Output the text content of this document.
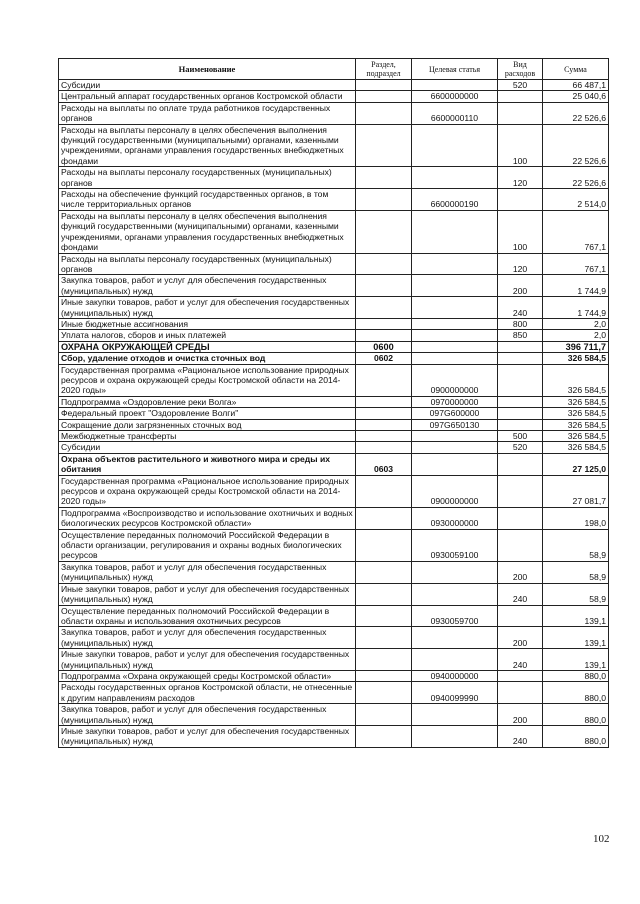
Наименование	Раздел, подраздел	Целевая статья	Вид расходов	Сумма
Субсидии			520	66 487,1
Центральный аппарат государственных органов Костромской области		6600000000		25 040,6
Расходы на выплаты по оплате труда работников государственных органов		6600000110		22 526,6
Расходы на выплаты персоналу в целях обеспечения выполнения функций государственными (муниципальными) органами, казенными учреждениями, органами управления государственных внебюджетных фондами			100	22 526,6
Расходы на выплаты персоналу государственных (муниципальных) органов			120	22 526,6
Расходы на обеспечение функций государственных органов, в том числе территориальных органов		6600000190		2 514,0
Расходы на выплаты персоналу в целях обеспечения выполнения функций государственными (муниципальными) органами, казенными учреждениями, органами управления государственных внебюджетных фондами			100	767,1
Расходы на выплаты персоналу государственных (муниципальных) органов			120	767,1
Закупка товаров, работ и услуг для обеспечения государственных (муниципальных) нужд			200	1 744,9
Иные закупки товаров, работ и услуг для обеспечения государственных (муниципальных) нужд			240	1 744,9
Иные бюджетные ассигнования			800	2,0
Уплата налогов, сборов и иных платежей			850	2,0
ОХРАНА ОКРУЖАЮЩЕЙ СРЕДЫ	0600			396 711,7
Сбор, удаление отходов и очистка сточных вод	0602			326 584,5
Государственная программа «Рациональное использование природных ресурсов и охрана окружающей среды Костромской области на 2014-2020 годы»		0900000000		326 584,5
Подпрограмма «Оздоровление реки Волга»		0970000000		326 584,5
Федеральный проект "Оздоровление Волги"		097G600000		326 584,5
Сокращение доли загрязненных сточных вод		097G650130		326 584,5
Межбюджетные трансферты			500	326 584,5
Субсидии			520	326 584,5
Охрана объектов растительного и животного мира и среды их обитания	0603			27 125,0
Государственная программа «Рациональное использование природных ресурсов и охрана окружающей среды Костромской области на 2014-2020 годы»		0900000000		27 081,7
Подпрограмма «Воспроизводство и использование охотничьих и водных биологических ресурсов Костромской области»		0930000000		198,0
Осуществление переданных полномочий Российской Федерации в области организации, регулирования и охраны водных биологических ресурсов		0930059100		58,9
Закупка товаров, работ и услуг для обеспечения государственных (муниципальных) нужд			200	58,9
Иные закупки товаров, работ и услуг для обеспечения государственных (муниципальных) нужд			240	58,9
Осуществление переданных полномочий Российской Федерации в области охраны и использования охотничьих ресурсов		0930059700		139,1
Закупка товаров, работ и услуг для обеспечения государственных (муниципальных) нужд			200	139,1
Иные закупки товаров, работ и услуг для обеспечения государственных (муниципальных) нужд			240	139,1
Подпрограмма «Охрана окружающей среды Костромской области»		0940000000		880,0
Расходы государственных органов Костромской области, не отнесенные к другим направлениям расходов		0940099990		880,0
Закупка товаров, работ и услуг для обеспечения государственных (муниципальных) нужд			200	880,0
Иные закупки товаров, работ и услуг для обеспечения государственных (муниципальных) нужд			240	880,0
102
